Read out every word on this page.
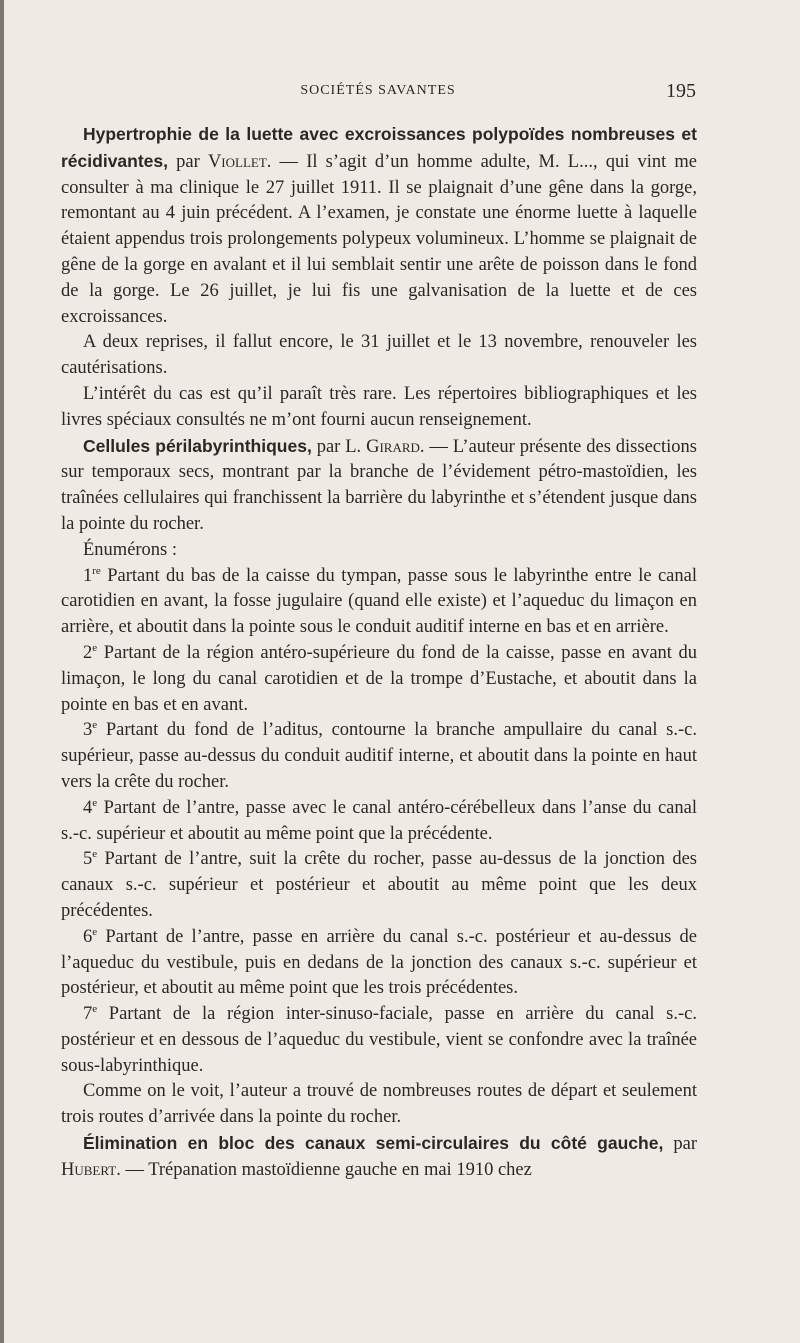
SOCIÉTÉS SAVANTES	195

Hypertrophie de la luette avec excroissances polypoïdes nombreuses et récidivantes, par Viollet. — Il s’agit d’un homme adulte, M. L..., qui vint me consulter à ma clinique le 27 juillet 1911. Il se plaignait d’une gêne dans la gorge, remontant au 4 juin précédent. A l’examen, je constate une énorme luette à laquelle étaient appendus trois prolongements polypeux volumineux. L’homme se plaignait de gêne de la gorge en avalant et il lui semblait sentir une arête de poisson dans le fond de la gorge. Le 26 juillet, je lui fis une galvanisation de la luette et de ces excroissances.

A deux reprises, il fallut encore, le 31 juillet et le 13 novembre, renouveler les cautérisations.

L’intérêt du cas est qu’il paraît très rare. Les répertoires bibliographiques et les livres spéciaux consultés ne m’ont fourni aucun renseignement.

Cellules périlabyrinthiques, par L. Girard. — L’auteur présente des dissections sur temporaux secs, montrant par la branche de l’évidement pétro-mastoïdien, les traînées cellulaires qui franchissent la barrière du labyrinthe et s’étendent jusque dans la pointe du rocher.

Énumérons :

1re Partant du bas de la caisse du tympan, passe sous le labyrinthe entre le canal carotidien en avant, la fosse jugulaire (quand elle existe) et l’aqueduc du limaçon en arrière, et aboutit dans la pointe sous le conduit auditif interne en bas et en arrière.

2e Partant de la région antéro-supérieure du fond de la caisse, passe en avant du limaçon, le long du canal carotidien et de la trompe d’Eustache, et aboutit dans la pointe en bas et en avant.

3e Partant du fond de l’aditus, contourne la branche ampullaire du canal s.-c. supérieur, passe au-dessus du conduit auditif interne, et aboutit dans la pointe en haut vers la crête du rocher.

4e Partant de l’antre, passe avec le canal antéro-cérébelleux dans l’anse du canal s.-c. supérieur et aboutit au même point que la précédente.

5e Partant de l’antre, suit la crête du rocher, passe au-dessus de la jonction des canaux s.-c. supérieur et postérieur et aboutit au même point que les deux précédentes.

6e Partant de l’antre, passe en arrière du canal s.-c. postérieur et au-dessus de l’aqueduc du vestibule, puis en dedans de la jonction des canaux s.-c. supérieur et postérieur, et aboutit au même point que les trois précédentes.

7e Partant de la région inter-sinuso-faciale, passe en arrière du canal s.-c. postérieur et en dessous de l’aqueduc du vestibule, vient se confondre avec la traînée sous-labyrinthique.

Comme on le voit, l’auteur a trouvé de nombreuses routes de départ et seulement trois routes d’arrivée dans la pointe du rocher.

Élimination en bloc des canaux semi-circulaires du côté gauche, par Hubert. — Trépanation mastoïdienne gauche en mai 1910 chez
